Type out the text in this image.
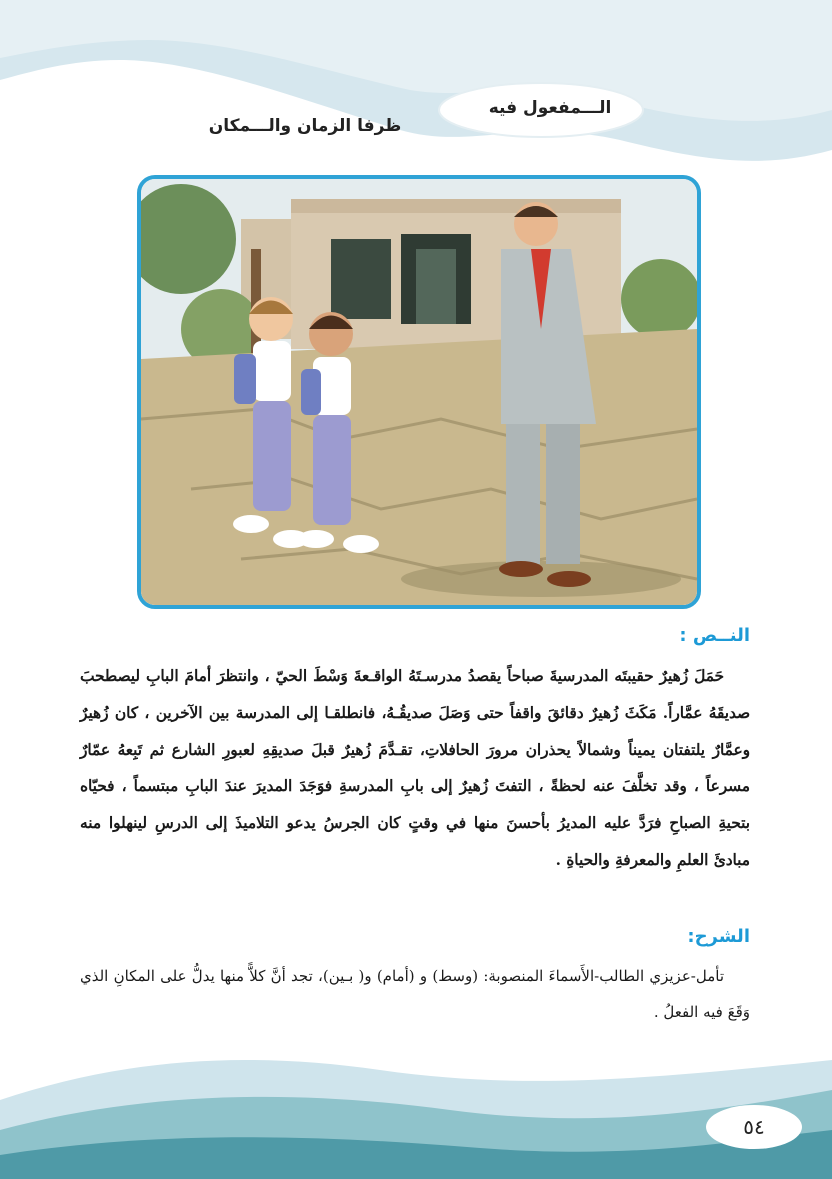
الـــمفعول فيه
ظرفا الزمان والـــمكان
النــص :

حَمَلَ زُهيرٌ حقيبتَه المدرسيةَ صباحاً يقصدُ مدرسـتَهُ الواقـعةَ وَسْطَ الحيّ ، وانتظرَ أمامَ البابِ ليصطحبَ صديقَهُ عمَّاراً. مَكَثَ زُهيرٌ دقائقَ واقفاً حتى وَصَلَ صديقُـهُ، فانطلقـا إلى المدرسة بين الآخرين ، كان زُهيرٌ وعمَّارٌ يلتفتان يميناً وشمالاً يحذران مرورَ الحافلاتِ، تقـدَّمَ زُهيرٌ قبلَ صديقِهِ لعبورِ الشارع ثم تَبِعهُ عمّارٌ مسرعاً ، وقد تخلَّفَ عنه لحظةً ، التفتَ زُهيرٌ إلى بابِ المدرسةِ فوَجَدَ المديرَ عندَ البابِ مبتسماً ، فحيّاه بتحيةِ الصباحِ فرَدَّ عليه المديرُ بأحسنَ منها في وقتٍ كان الجرسُ يدعو التلاميذَ إلى الدرسِ لينهلوا منه مبادئَ العلمِ والمعرفةِ والحياةِ .

الشرح:

تأمل-عزيزي الطالب-الأَسماءَ المنصوبة: (وسط) و (أمام) و( بـين)، تجد أنَّ كلاًّ منها يدلُّ على المكانِ الذي وَقَعَ فيه الفعلُ .

٥٤
